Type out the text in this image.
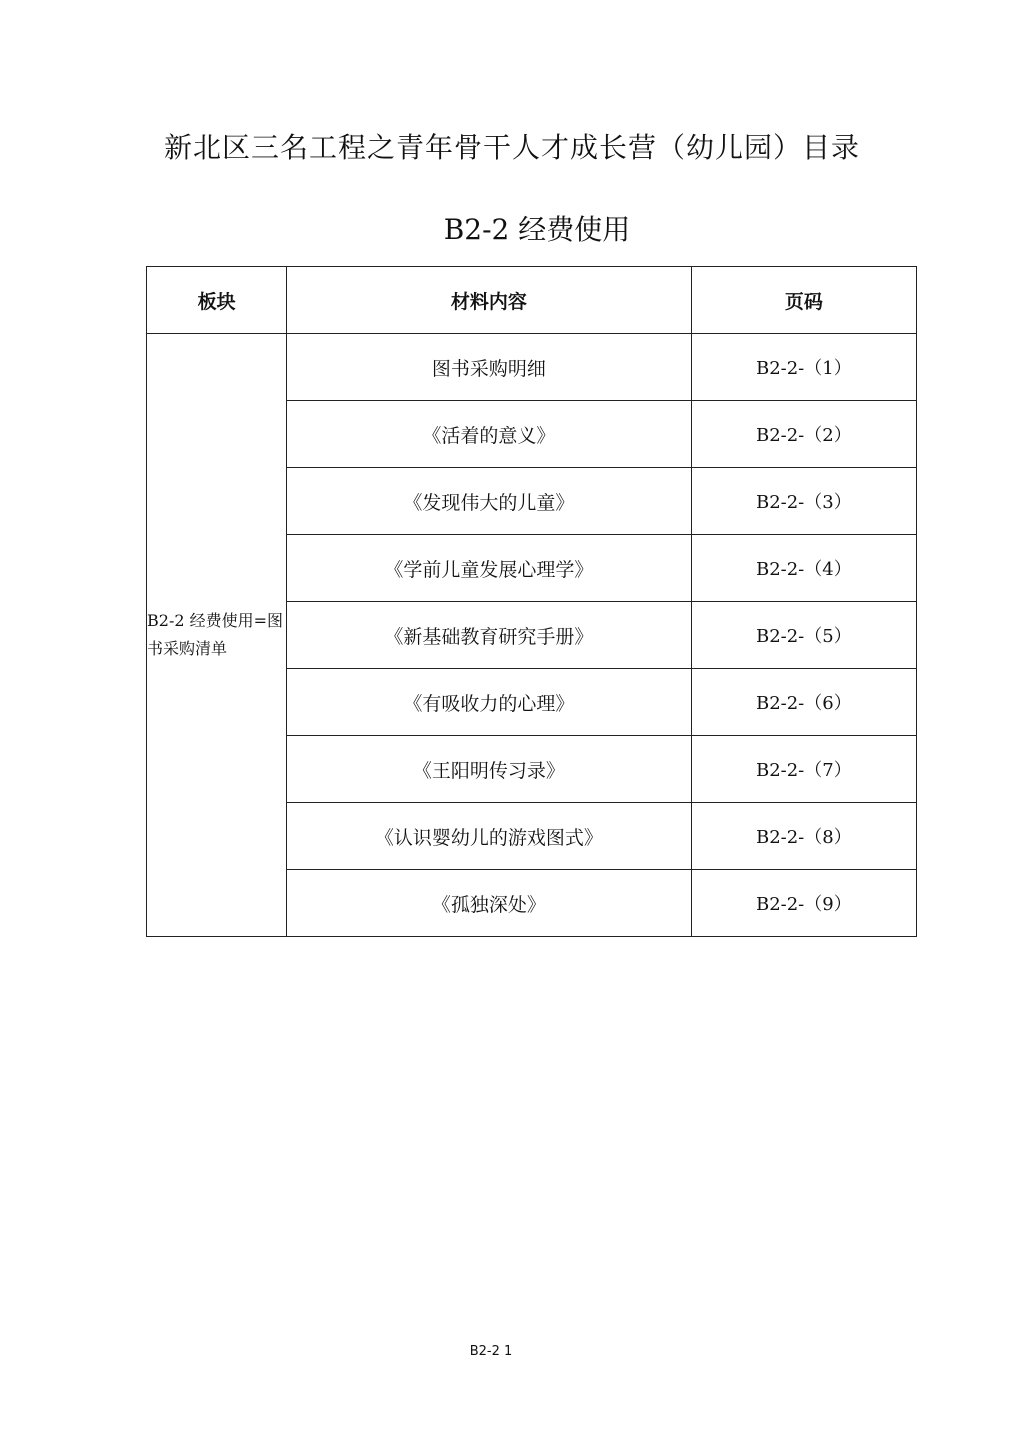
新北区三名工程之青年骨干人才成长营（幼儿园）目录
B2-2 经费使用
板块	材料内容	页码
B2-2 经费使用=图书采购清单	图书采购明细	B2-2-（1）
	《活着的意义》	B2-2-（2）
	《发现伟大的儿童》	B2-2-（3）
	《学前儿童发展心理学》	B2-2-（4）
	《新基础教育研究手册》	B2-2-（5）
	《有吸收力的心理》	B2-2-（6）
	《王阳明传习录》	B2-2-（7）
	《认识婴幼儿的游戏图式》	B2-2-（8）
	《孤独深处》	B2-2-（9）
B2-2 1
